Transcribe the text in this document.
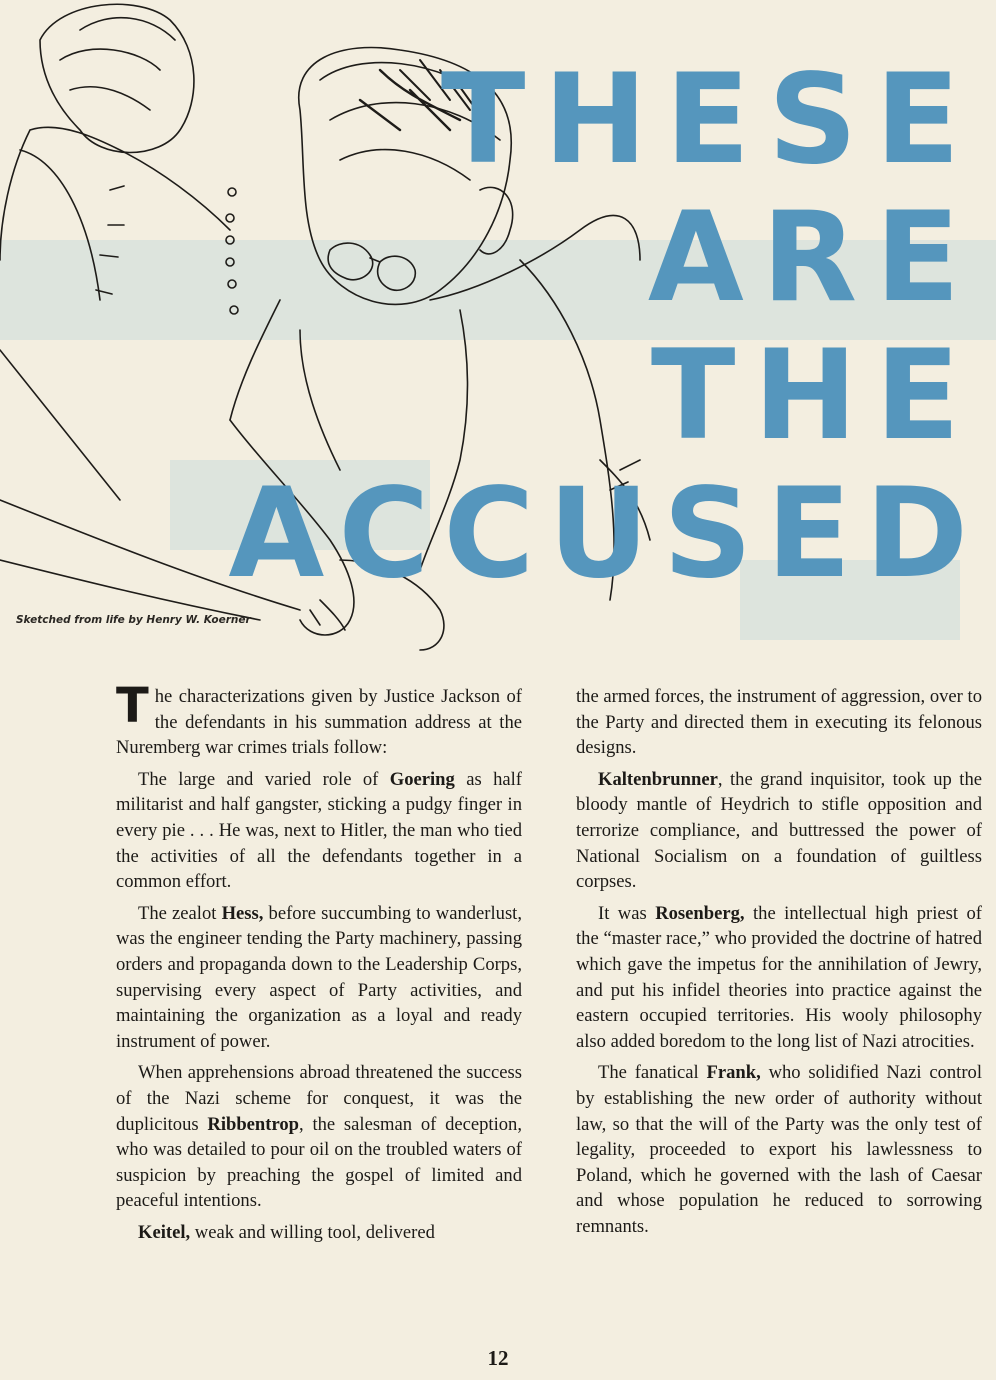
THESE
ARE
THE
ACCUSED

Sketched from life by Henry W. Koerner

The characterizations given by Justice Jackson of the defendants in his summation address at the Nuremberg war crimes trials follow:

The large and varied role of Goering as half militarist and half gangster, sticking a pudgy finger in every pie . . . He was, next to Hitler, the man who tied the activities of all the defendants together in a common effort.

The zealot Hess, before succumbing to wanderlust, was the engineer tending the Party machinery, passing orders and propaganda down to the Leadership Corps, supervising every aspect of Party activities, and maintaining the organization as a loyal and ready instrument of power.

When apprehensions abroad threatened the success of the Nazi scheme for conquest, it was the duplicitous Ribbentrop, the salesman of deception, who was detailed to pour oil on the troubled waters of suspicion by preaching the gospel of limited and peaceful intentions.

Keitel, weak and willing tool, delivered

the armed forces, the instrument of aggression, over to the Party and directed them in executing its felonous designs.

Kaltenbrunner, the grand inquisitor, took up the bloody mantle of Heydrich to stifle opposition and terrorize compliance, and buttressed the power of National Socialism on a foundation of guiltless corpses.

It was Rosenberg, the intellectual high priest of the “master race,” who provided the doctrine of hatred which gave the impetus for the annihilation of Jewry, and put his infidel theories into practice against the eastern occupied territories. His wooly philosophy also added boredom to the long list of Nazi atrocities.

The fanatical Frank, who solidified Nazi control by establishing the new order of authority without law, so that the will of the Party was the only test of legality, proceeded to export his lawlessness to Poland, which he governed with the lash of Caesar and whose population he reduced to sorrowing remnants.

12
